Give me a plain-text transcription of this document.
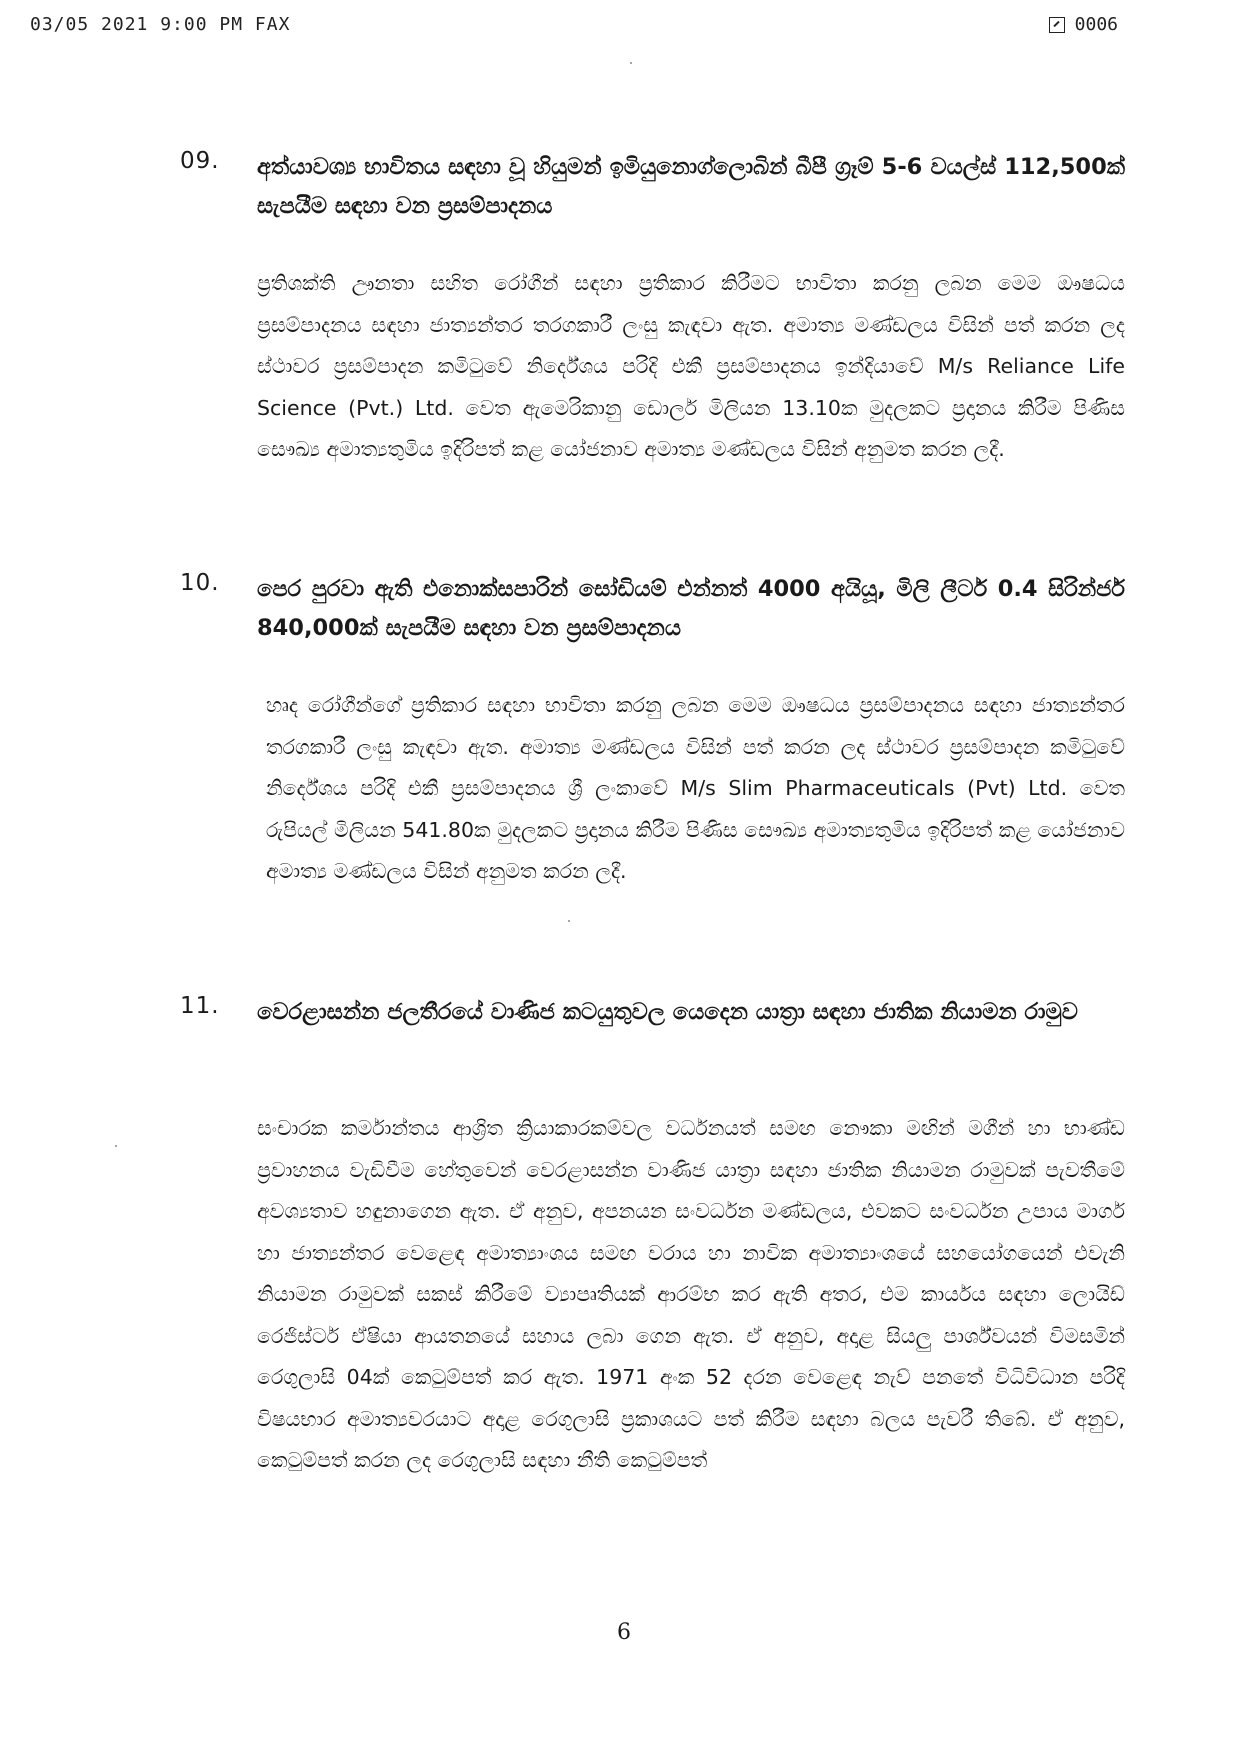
03/05 2021 9:00 PM FAX	0006
09. අත්යාවශ්‍ය භාවිතය සඳහා වූ හියුමන් ඉමියුනොග්ලොබින් බීපී ග්‍රෑම් 5-6 වයල්ස් 112,500ක් සැපයීම සඳහා වන ප්‍රසම්පාදනය
ප්‍රතිශක්ති ඌනතා සහිත රෝගීන් සඳහා ප්‍රතිකාර කිරීමට භාවිතා කරනු ලබන මෙම ඖෂධය ප්‍රසම්පාදනය සඳහා ජාත්‍යන්තර තරගකාරී ලංසු කැඳවා ඇත. අමාත්‍ය මණ්ඩලය විසින් පත් කරන ලද ස්ථාවර ප්‍රසම්පාදන කමිටුවේ නිර්දේශය පරිදි එකී ප්‍රසම්පාදනය ඉන්දියාවේ M/s Reliance Life Science (Pvt.) Ltd. වෙත ඇමෙරිකානු ඩොලර් මිලියන 13.10ක මුදලකට ප්‍රදානය කිරීම පිණිස සෞඛ්‍ය අමාත්‍යතුමිය ඉදිරිපත් කළ යෝජනාව අමාත්‍ය මණ්ඩලය විසින් අනුමත කරන ලදී.
10. පෙර පුරවා ඇති එනොක්සපාරින් සෝඩියම් එන්නත් 4000 අයියූ, මිලි ලීටර් 0.4 සිරින්ජර් 840,000ක් සැපයීම සඳහා වන ප්‍රසම්පාදනය
හෘද රෝගීන්ගේ ප්‍රතිකාර සඳහා භාවිතා කරනු ලබන මෙම ඖෂධය ප්‍රසම්පාදනය සඳහා ජාත්‍යන්තර තරගකාරී ලංසු කැඳවා ඇත. අමාත්‍ය මණ්ඩලය විසින් පත් කරන ලද ස්ථාවර ප්‍රසම්පාදන කමිටුවේ නිර්දේශය පරිදි එකී ප්‍රසම්පාදනය ශ්‍රී ලංකාවේ M/s Slim Pharmaceuticals (Pvt) Ltd. වෙත රුපියල් මිලියන 541.80ක මුදලකට ප්‍රදානය කිරීම පිණිස සෞඛ්‍ය අමාත්‍යතුමිය ඉදිරිපත් කළ යෝජනාව අමාත්‍ය මණ්ඩලය විසින් අනුමත කරන ලදී.
11. වෙරළාසන්න ජලතීරයේ වාණිජ කටයුතුවල යෙදෙන යාත්‍රා සඳහා ජාතික නියාමන රාමුව
සංචාරක කර්මාන්තය ආශ්‍රිත ක්‍රියාකාරකම්වල වර්ධනයත් සමඟ නෞකා මඟින් මගීන් හා භාණ්ඩ ප්‍රවාහනය වැඩිවීම හේතුවෙන් වෙරළාසන්න වාණිජ යාත්‍රා සඳහා ජාතික නියාමන රාමුවක් පැවතීමේ අවශ්‍යතාව හඳුනාගෙන ඇත. ඒ අනුව, අපනයන සංවර්ධන මණ්ඩලය, එවකට සංවර්ධන උපාය මාර්ග හා ජාත්‍යන්තර වෙළෙඳ අමාත්‍යාංශය සමඟ වරාය හා නාවික අමාත්‍යාංශයේ සහයෝගයෙන් එවැනි නියාමන රාමුවක් සකස් කිරීමේ ව්‍යාපෘතියක් ආරම්භ කර ඇති අතර, එම කාර්යය සඳහා ලොයිඩ් රෙජිස්ටර් ඒෂියා ආයතනයේ සහාය ලබා ගෙන ඇත. ඒ අනුව, අදාළ සියලු පාර්ශ්වයන් විමසමින් රෙගුලාසි 04ක් කෙටුම්පත් කර ඇත. 1971 අංක 52 දරන වෙළෙඳ නැව් පනතේ විධිවිධාන පරිදි විෂයභාර අමාත්‍යවරයාට අදාළ රෙගුලාසි ප්‍රකාශයට පත් කිරීම සඳහා බලය පැවරී තිබේ. ඒ අනුව, කෙටුම්පත් කරන ලද රෙගුලාසි සඳහා නීති කෙටුම්පත්
6
